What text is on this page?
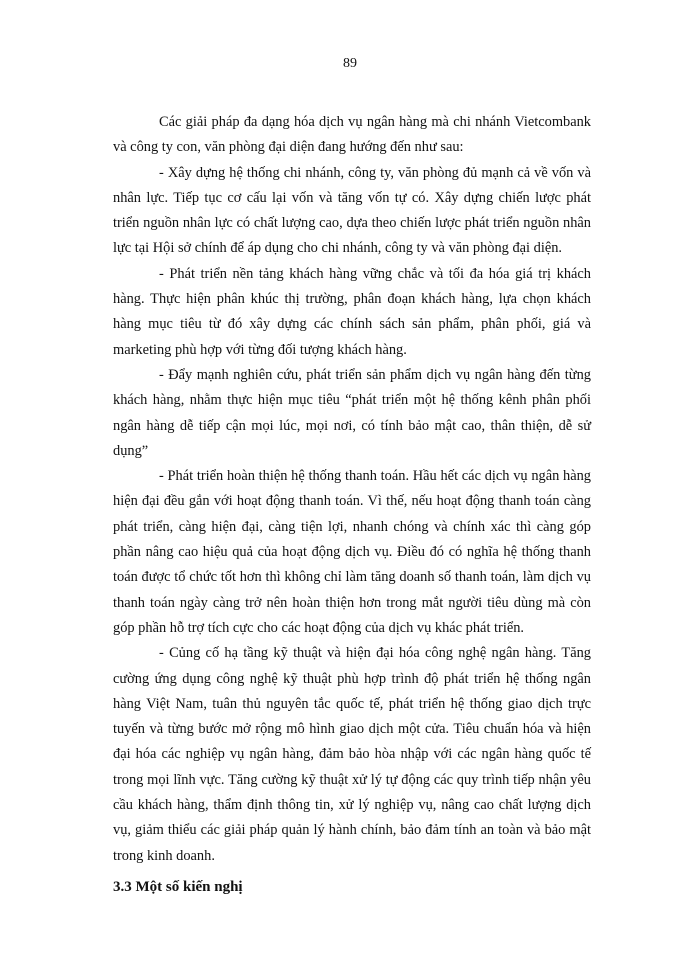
89

Các giải pháp đa dạng hóa dịch vụ ngân hàng mà chi nhánh Vietcombank và công ty con, văn phòng đại diện đang hướng đến như sau:

- Xây dựng hệ thống chi nhánh, công ty, văn phòng đủ mạnh cả về vốn và nhân lực. Tiếp tục cơ cấu lại vốn và tăng vốn tự có. Xây dựng chiến lược phát triển nguồn nhân lực có chất lượng cao, dựa theo chiến lược phát triển nguồn nhân lực tại Hội sở chính để áp dụng cho chi nhánh, công ty và văn phòng đại diện.

- Phát triển nền tảng khách hàng vững chắc và tối đa hóa giá trị khách hàng. Thực hiện phân khúc thị trường, phân đoạn khách hàng, lựa chọn khách hàng mục tiêu từ đó xây dựng các chính sách sản phẩm, phân phối, giá và marketing phù hợp với từng đối tượng khách hàng.

- Đẩy mạnh nghiên cứu, phát triển sản phẩm dịch vụ ngân hàng đến từng khách hàng, nhằm thực hiện mục tiêu “phát triển một hệ thống kênh phân phối ngân hàng dễ tiếp cận mọi lúc, mọi nơi, có tính bảo mật cao, thân thiện, dễ sử dụng”

- Phát triển hoàn thiện hệ thống thanh toán. Hầu hết các dịch vụ ngân hàng hiện đại đều gắn với hoạt động thanh toán. Vì thế, nếu hoạt động thanh toán càng phát triển, càng hiện đại, càng tiện lợi, nhanh chóng và chính xác thì càng góp phần nâng cao hiệu quả của hoạt động dịch vụ. Điều đó có nghĩa hệ thống thanh toán được tổ chức tốt hơn thì không chỉ làm tăng doanh số thanh toán, làm dịch vụ thanh toán ngày càng trở nên hoàn thiện hơn trong mắt người tiêu dùng mà còn góp phần hỗ trợ tích cực cho các hoạt động của dịch vụ khác phát triển.

- Củng cố hạ tầng kỹ thuật và hiện đại hóa công nghệ ngân hàng. Tăng cường ứng dụng công nghệ kỹ thuật phù hợp trình độ phát triển hệ thống ngân hàng Việt Nam, tuân thủ nguyên tắc quốc tế, phát triển hệ thống giao dịch trực tuyến và từng bước mở rộng mô hình giao dịch một cửa. Tiêu chuẩn hóa và hiện đại hóa các nghiệp vụ ngân hàng, đảm bảo hòa nhập với các ngân hàng quốc tế trong mọi lĩnh vực. Tăng cường kỹ thuật xử lý tự động các quy trình tiếp nhận yêu cầu khách hàng, thẩm định thông tin, xử lý nghiệp vụ, nâng cao chất lượng dịch vụ, giảm thiểu các giải pháp quản lý hành chính, bảo đảm tính an toàn và bảo mật trong kinh doanh.

3.3 Một số kiến nghị
